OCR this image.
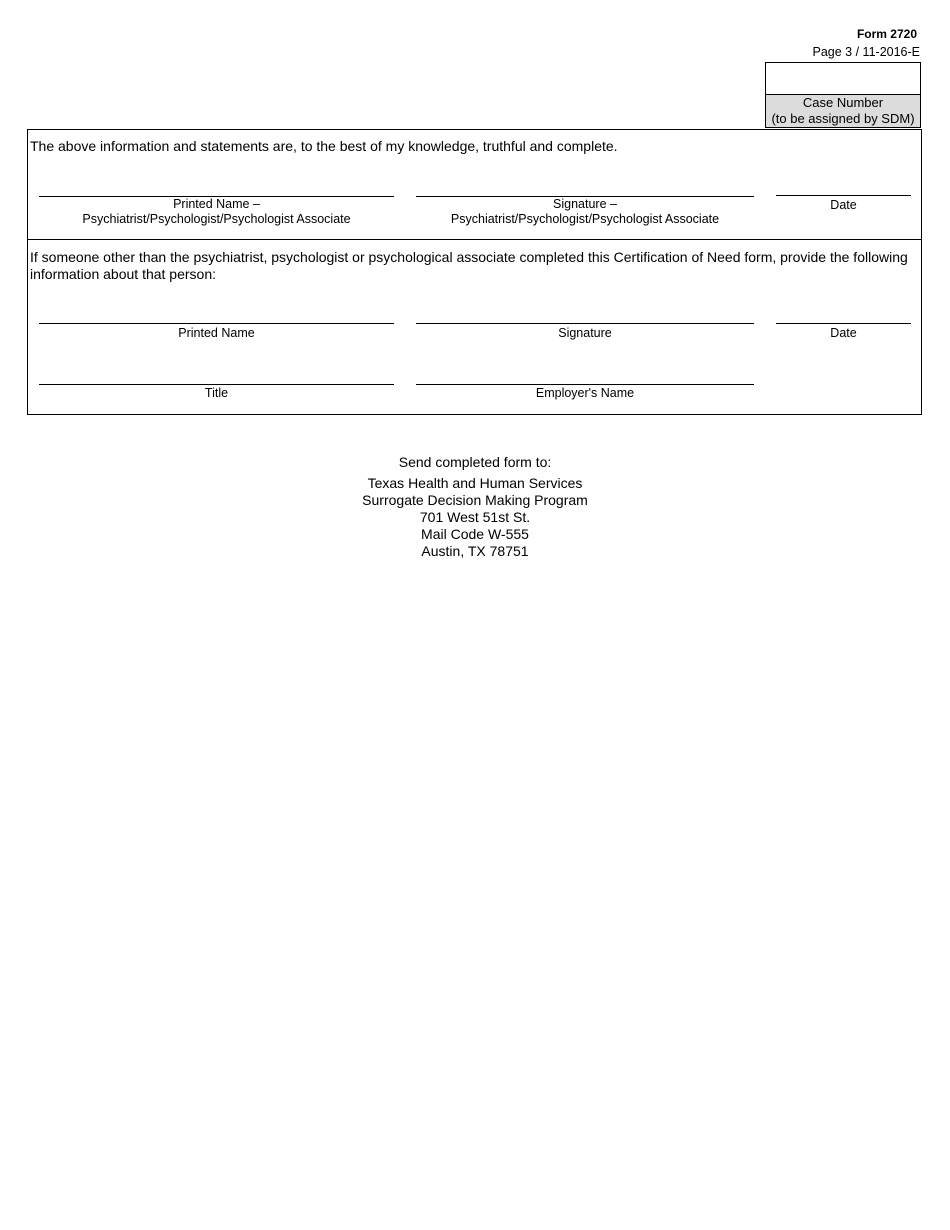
Form 2720
Page 3 / 11-2016-E
Case Number
(to be assigned by SDM)
The above information and statements are, to the best of my knowledge, truthful and complete.
Printed Name –
Psychiatrist/Psychologist/Psychologist Associate
Signature –
Psychiatrist/Psychologist/Psychologist Associate
Date
If someone other than the psychiatrist, psychologist or psychological associate completed this Certification of Need form, provide the following information about that person:
Printed Name	Signature	Date
Title	Employer's Name
Send completed form to:
Texas Health and Human Services
Surrogate Decision Making Program
701 West 51st St.
Mail Code W-555
Austin, TX 78751
